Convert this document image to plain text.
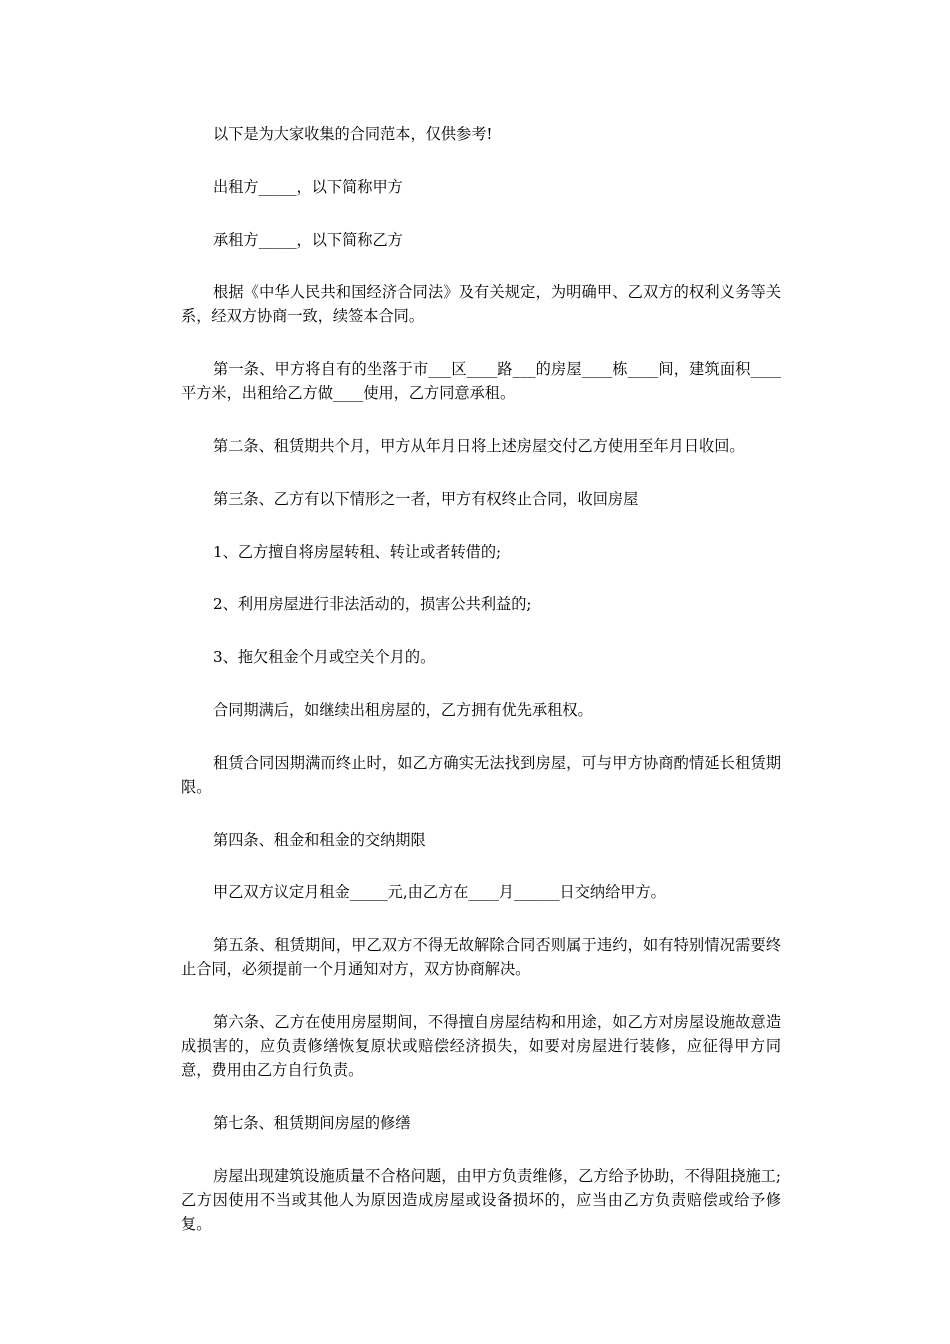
以下是为大家收集的合同范本，仅供参考!

出租方_____，以下简称甲方

承租方_____，以下简称乙方

根据《中华人民共和国经济合同法》及有关规定，为明确甲、乙双方的权利义务等关系，经双方协商一致，续签本合同。

第一条、甲方将自有的坐落于市___区____路___的房屋____栋____间，建筑面积____平方米，出租给乙方做____使用，乙方同意承租。

第二条、租赁期共个月，甲方从年月日将上述房屋交付乙方使用至年月日收回。

第三条、乙方有以下情形之一者，甲方有权终止合同，收回房屋

1、乙方擅自将房屋转租、转让或者转借的;

2、利用房屋进行非法活动的，损害公共利益的;

3、拖欠租金个月或空关个月的。

合同期满后，如继续出租房屋的，乙方拥有优先承租权。

租赁合同因期满而终止时，如乙方确实无法找到房屋，可与甲方协商酌情延长租赁期限。

第四条、租金和租金的交纳期限

甲乙双方议定月租金_____元,由乙方在____月______日交纳给甲方。

第五条、租赁期间，甲乙双方不得无故解除合同否则属于违约，如有特别情况需要终止合同，必须提前一个月通知对方，双方协商解决。

第六条、乙方在使用房屋期间，不得擅自房屋结构和用途，如乙方对房屋设施故意造成损害的，应负责修缮恢复原状或赔偿经济损失，如要对房屋进行装修，应征得甲方同意，费用由乙方自行负责。

第七条、租赁期间房屋的修缮

房屋出现建筑设施质量不合格问题，由甲方负责维修，乙方给予协助，不得阻挠施工;乙方因使用不当或其他人为原因造成房屋或设备损坏的，应当由乙方负责赔偿或给予修复。
